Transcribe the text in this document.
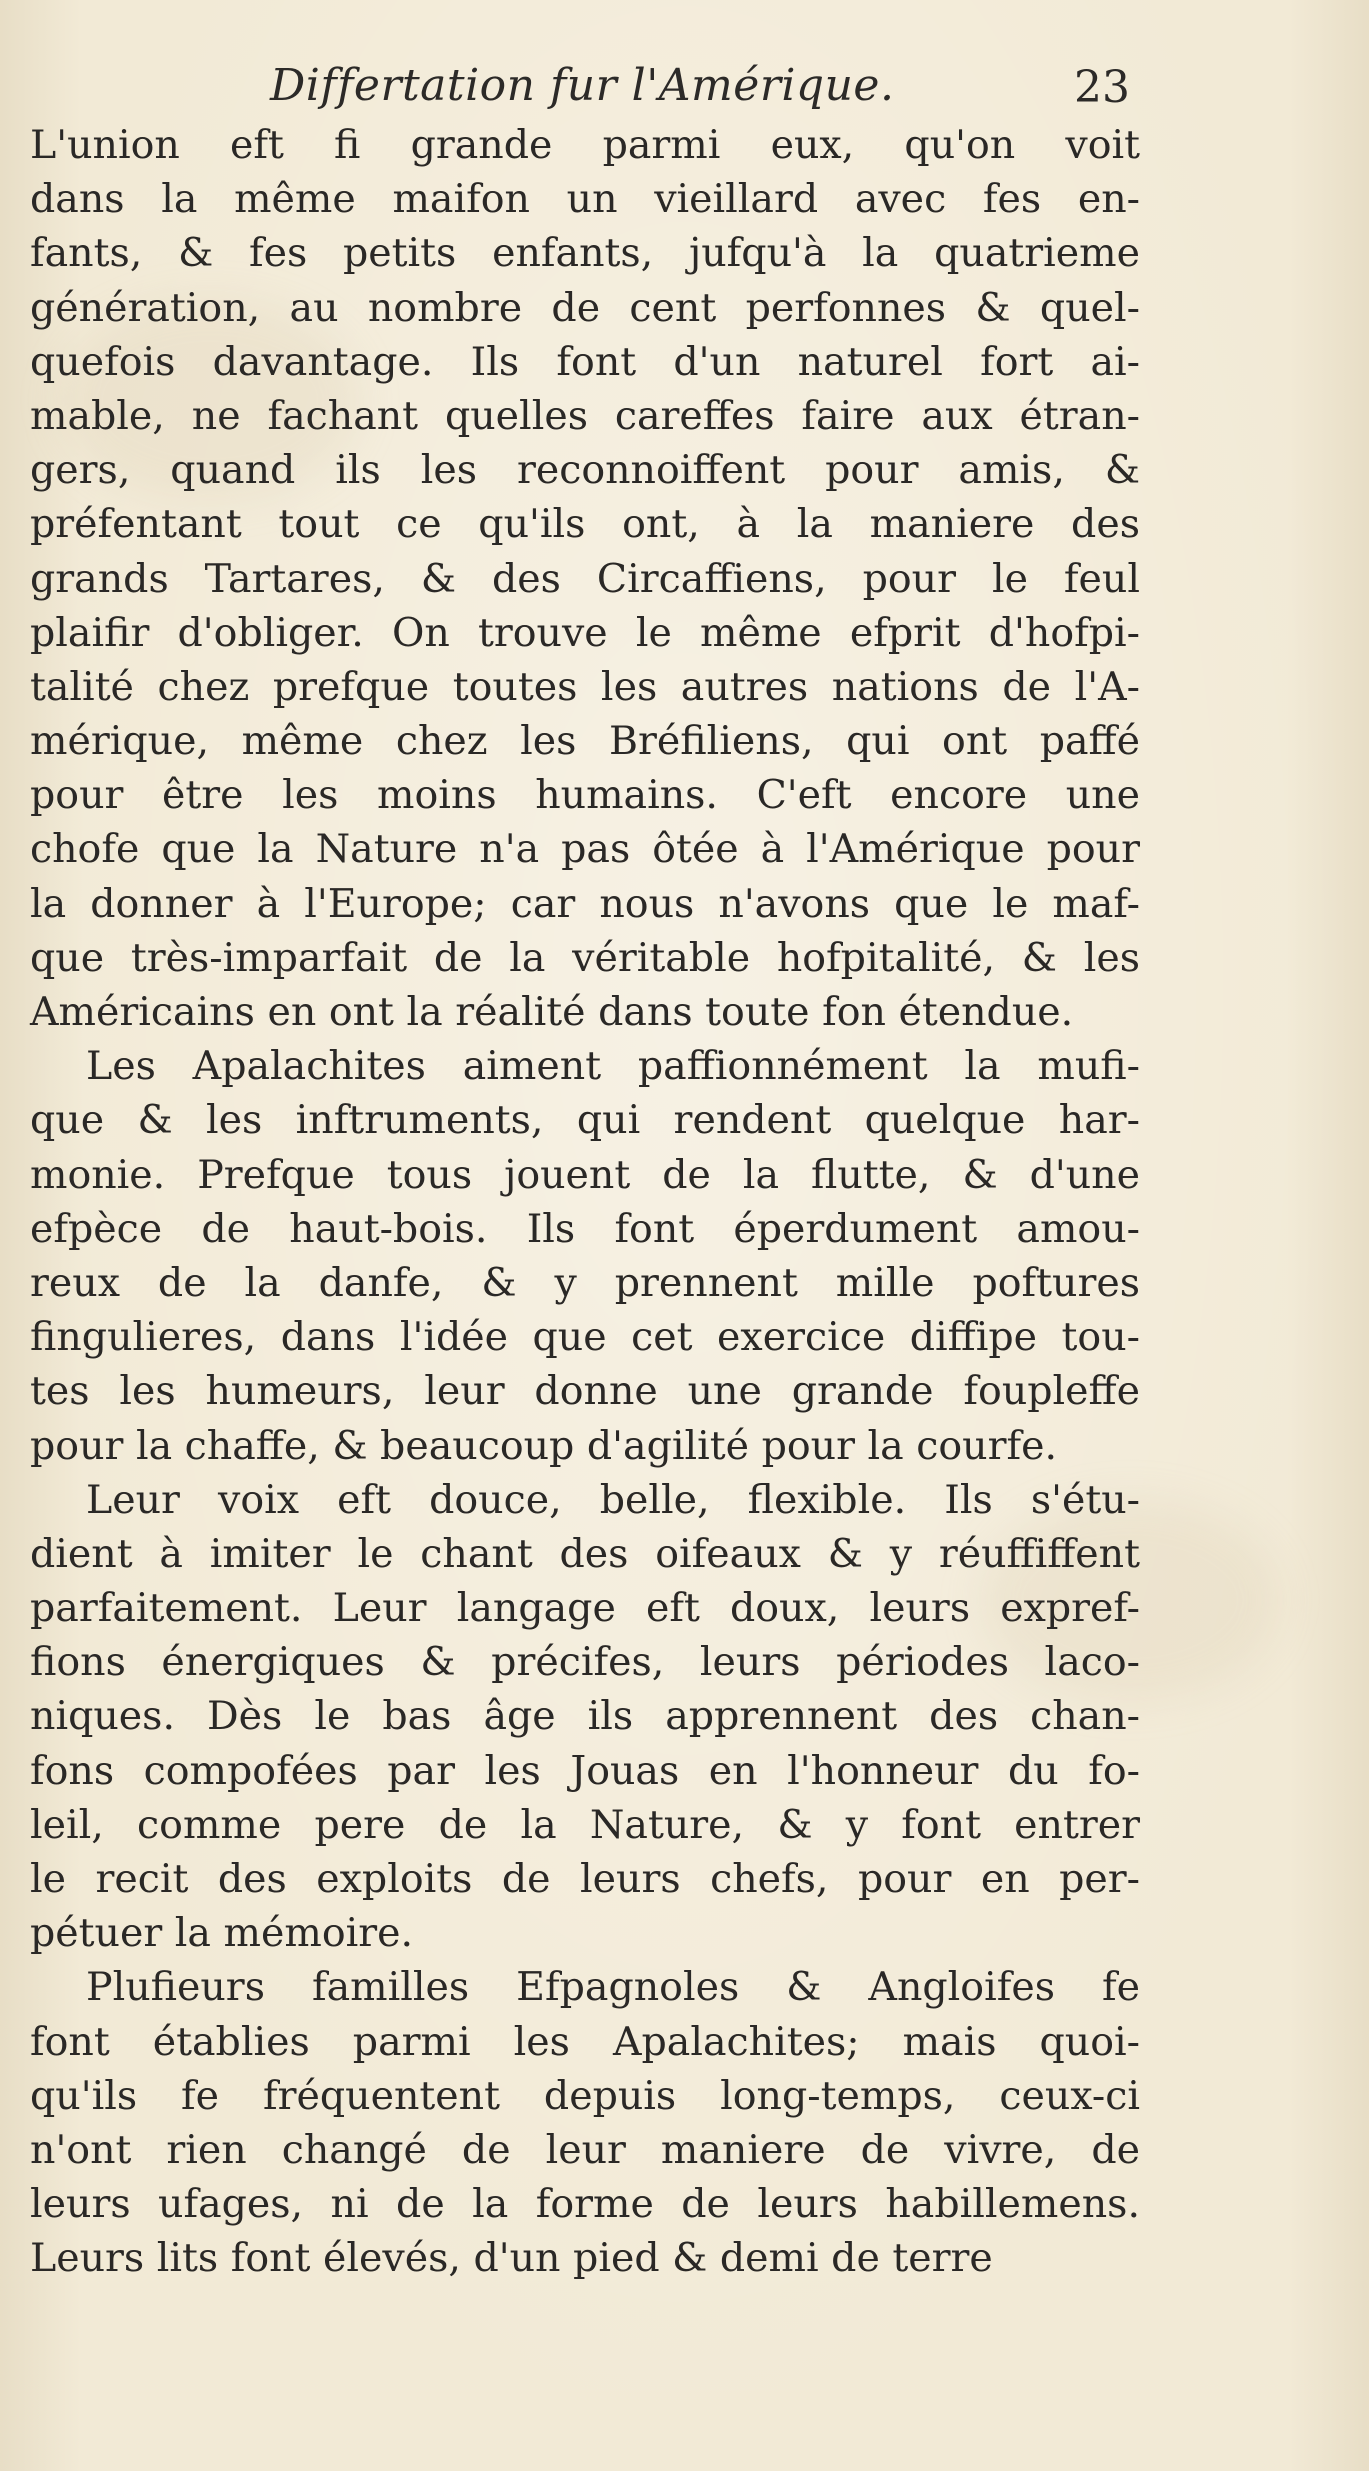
Differtation fur l'Amérique.	23
L'union eft fi grande parmi eux, qu'on voit
dans la même maifon un vieillard avec fes en-
fants, & fes petits enfants, jufqu'à la quatrieme
génération, au nombre de cent perfonnes & quel-
quefois davantage. Ils font d'un naturel fort ai-
mable, ne fachant quelles careffes faire aux étran-
gers, quand ils les reconnoiffent pour amis, &
préfentant tout ce qu'ils ont, à la maniere des
grands Tartares, & des Circaffiens, pour le feul
plaifir d'obliger. On trouve le même efprit d'hofpi-
talité chez prefque toutes les autres nations de l'A-
mérique, même chez les Bréfiliens, qui ont paffé
pour être les moins humains. C'eft encore une
chofe que la Nature n'a pas ôtée à l'Amérique pour
la donner à l'Europe; car nous n'avons que le maf-
que très-imparfait de la véritable hofpitalité, & les
Américains en ont la réalité dans toute fon étendue.
Les Apalachites aiment paffionnément la mufi-
que & les inftruments, qui rendent quelque har-
monie. Prefque tous jouent de la flutte, & d'une
efpèce de haut-bois. Ils font éperdument amou-
reux de la danfe, & y prennent mille poftures
fingulieres, dans l'idée que cet exercice diffipe tou-
tes les humeurs, leur donne une grande foupleffe
pour la chaffe, & beaucoup d'agilité pour la courfe.
Leur voix eft douce, belle, flexible. Ils s'étu-
dient à imiter le chant des oifeaux & y réuffiffent
parfaitement. Leur langage eft doux, leurs expref-
fions énergiques & précifes, leurs périodes laco-
niques. Dès le bas âge ils apprennent des chan-
fons compofées par les Jouas en l'honneur du fo-
leil, comme pere de la Nature, & y font entrer
le recit des exploits de leurs chefs, pour en per-
pétuer la mémoire.
Plufieurs familles Efpagnoles & Angloifes fe
font établies parmi les Apalachites; mais quoi-
qu'ils fe fréquentent depuis long-temps, ceux-ci
n'ont rien changé de leur maniere de vivre, de
leurs ufages, ni de la forme de leurs habillemens.
Leurs lits font élevés, d'un pied & demi de terre
